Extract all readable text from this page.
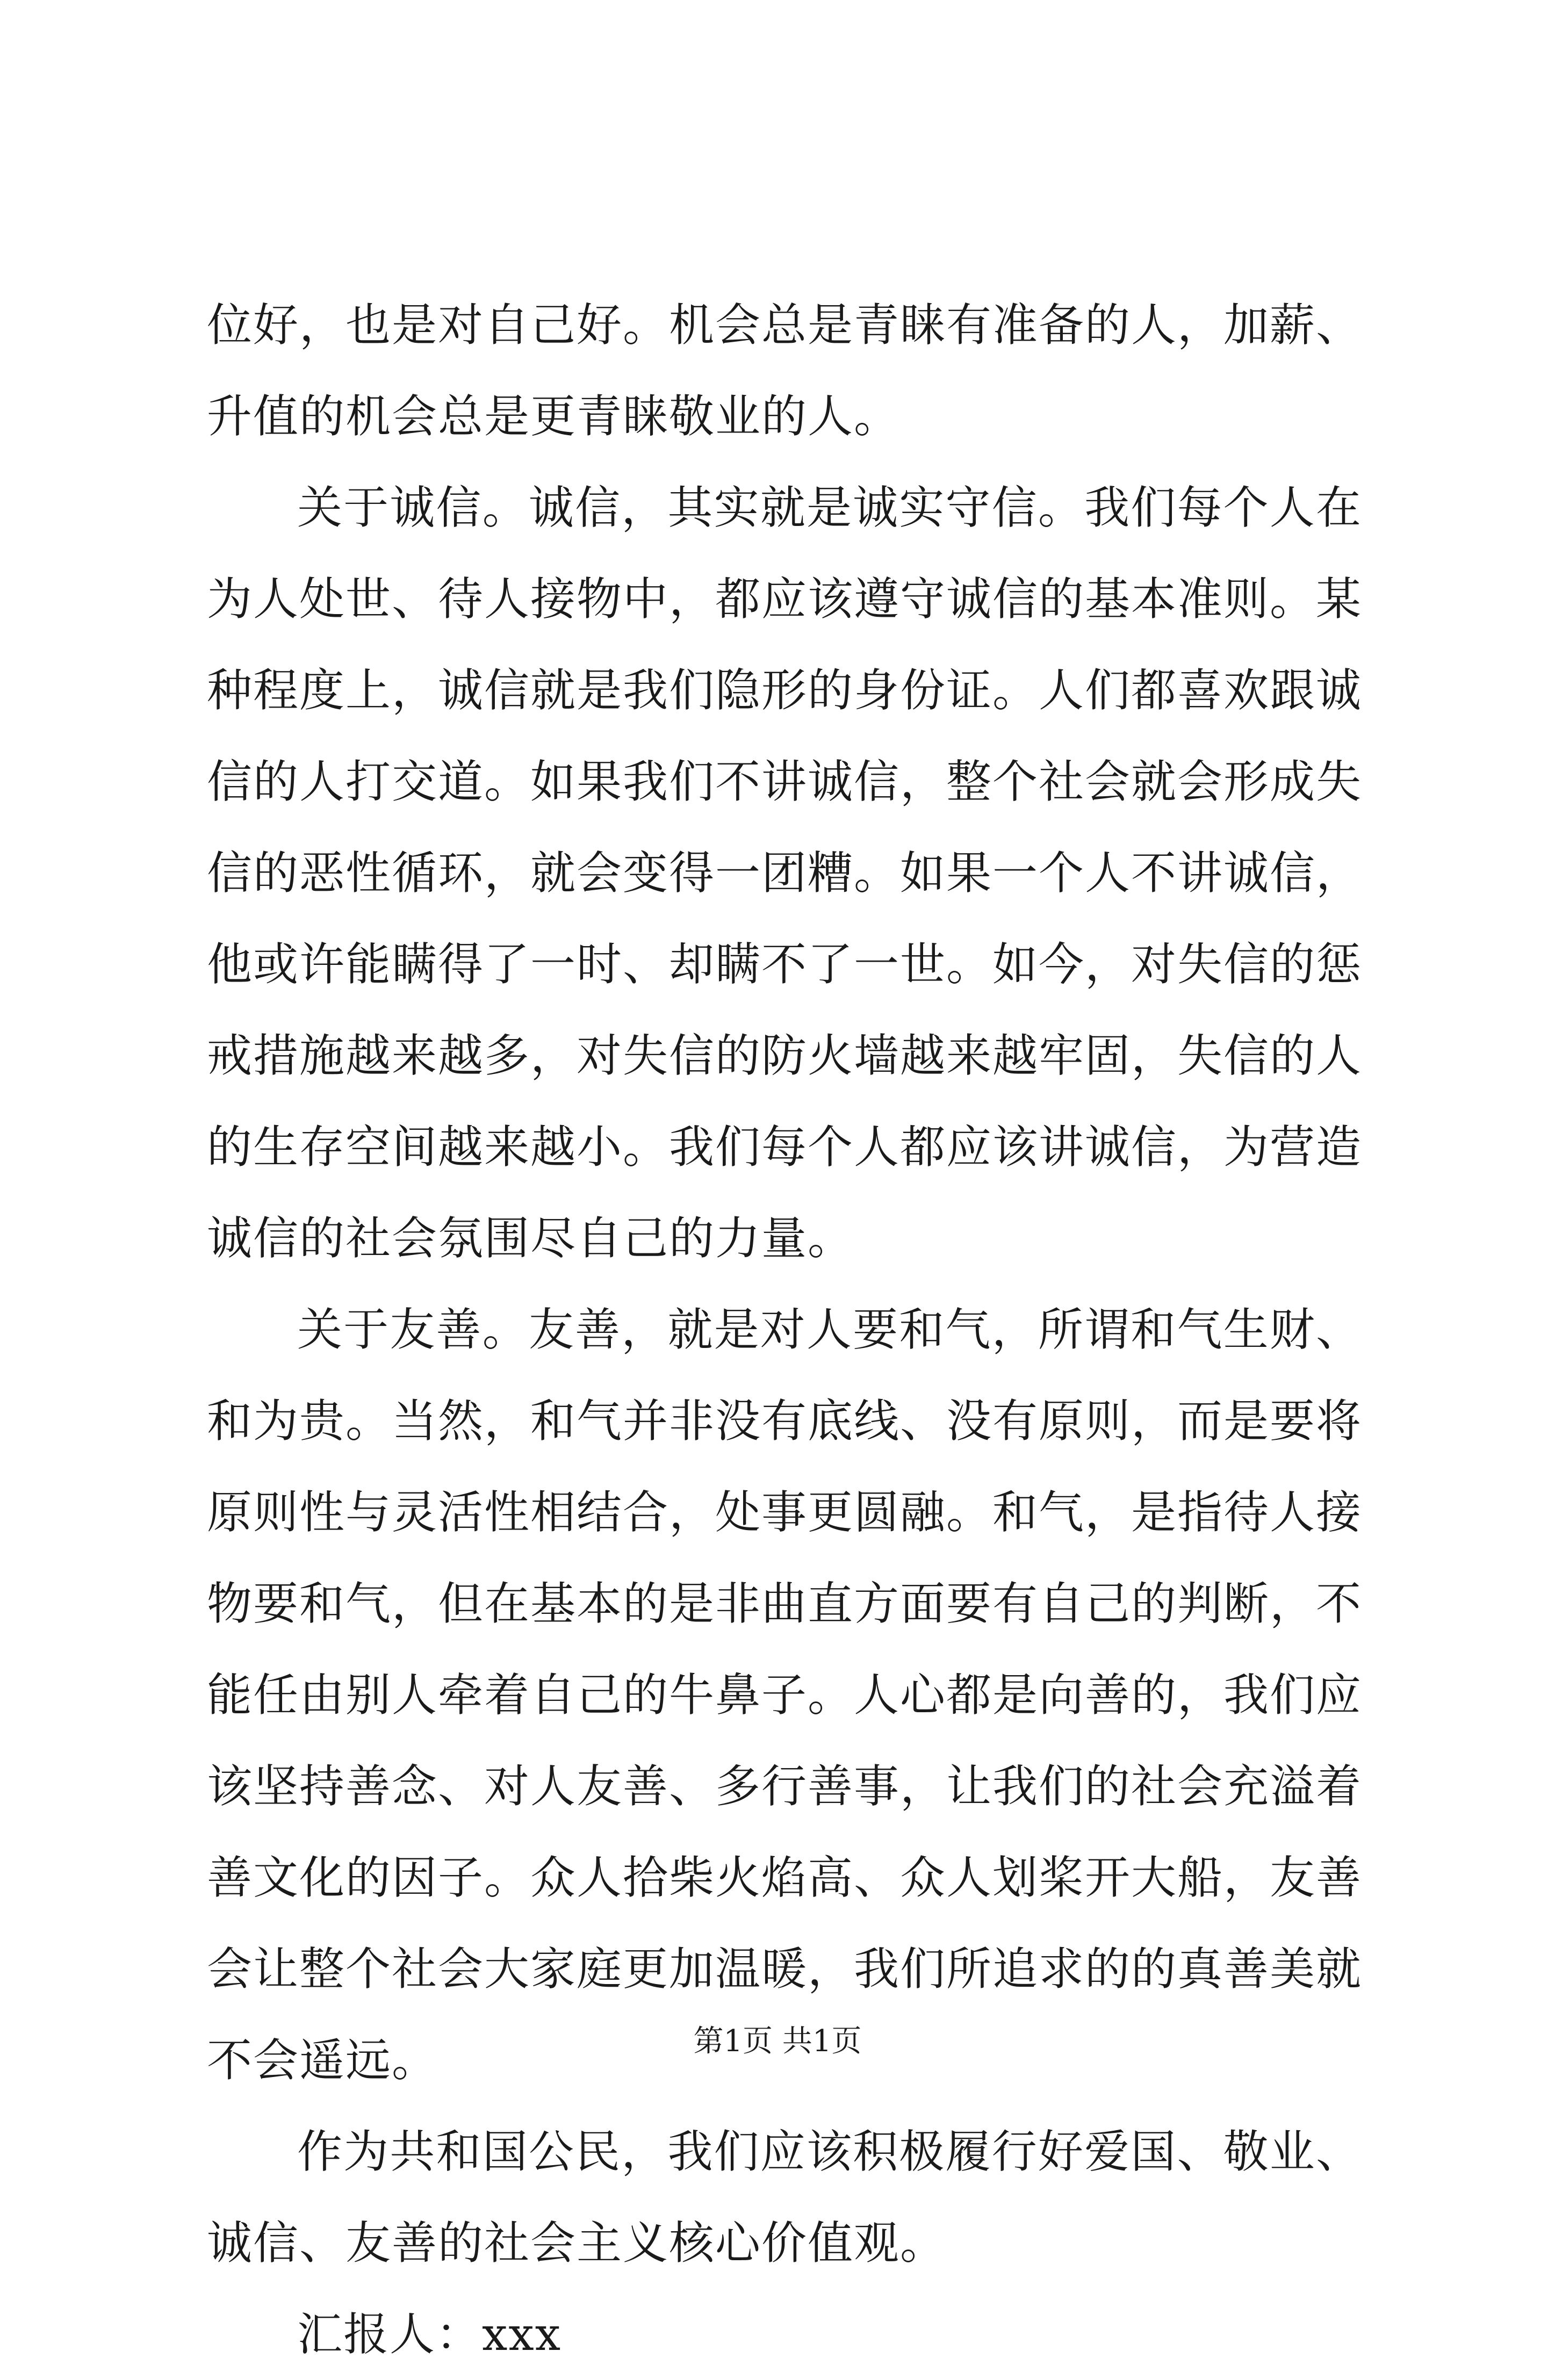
位好，也是对自己好。机会总是青睐有准备的人，加薪、升值的机会总是更青睐敬业的人。

关于诚信。诚信，其实就是诚实守信。我们每个人在为人处世、待人接物中，都应该遵守诚信的基本准则。某种程度上，诚信就是我们隐形的身份证。人们都喜欢跟诚信的人打交道。如果我们不讲诚信，整个社会就会形成失信的恶性循环，就会变得一团糟。如果一个人不讲诚信，他或许能瞒得了一时、却瞒不了一世。如今，对失信的惩戒措施越来越多，对失信的防火墙越来越牢固，失信的人的生存空间越来越小。我们每个人都应该讲诚信，为营造诚信的社会氛围尽自己的力量。

关于友善。友善，就是对人要和气，所谓和气生财、和为贵。当然，和气并非没有底线、没有原则，而是要将原则性与灵活性相结合，处事更圆融。和气，是指待人接物要和气，但在基本的是非曲直方面要有自己的判断，不能任由别人牵着自己的牛鼻子。人心都是向善的，我们应该坚持善念、对人友善、多行善事，让我们的社会充溢着善文化的因子。众人拾柴火焰高、众人划桨开大船，友善会让整个社会大家庭更加温暖，我们所追求的的真善美就不会遥远。

作为共和国公民，我们应该积极履行好爱国、敬业、诚信、友善的社会主义核心价值观。

汇报人：xxx

第1页 共1页
